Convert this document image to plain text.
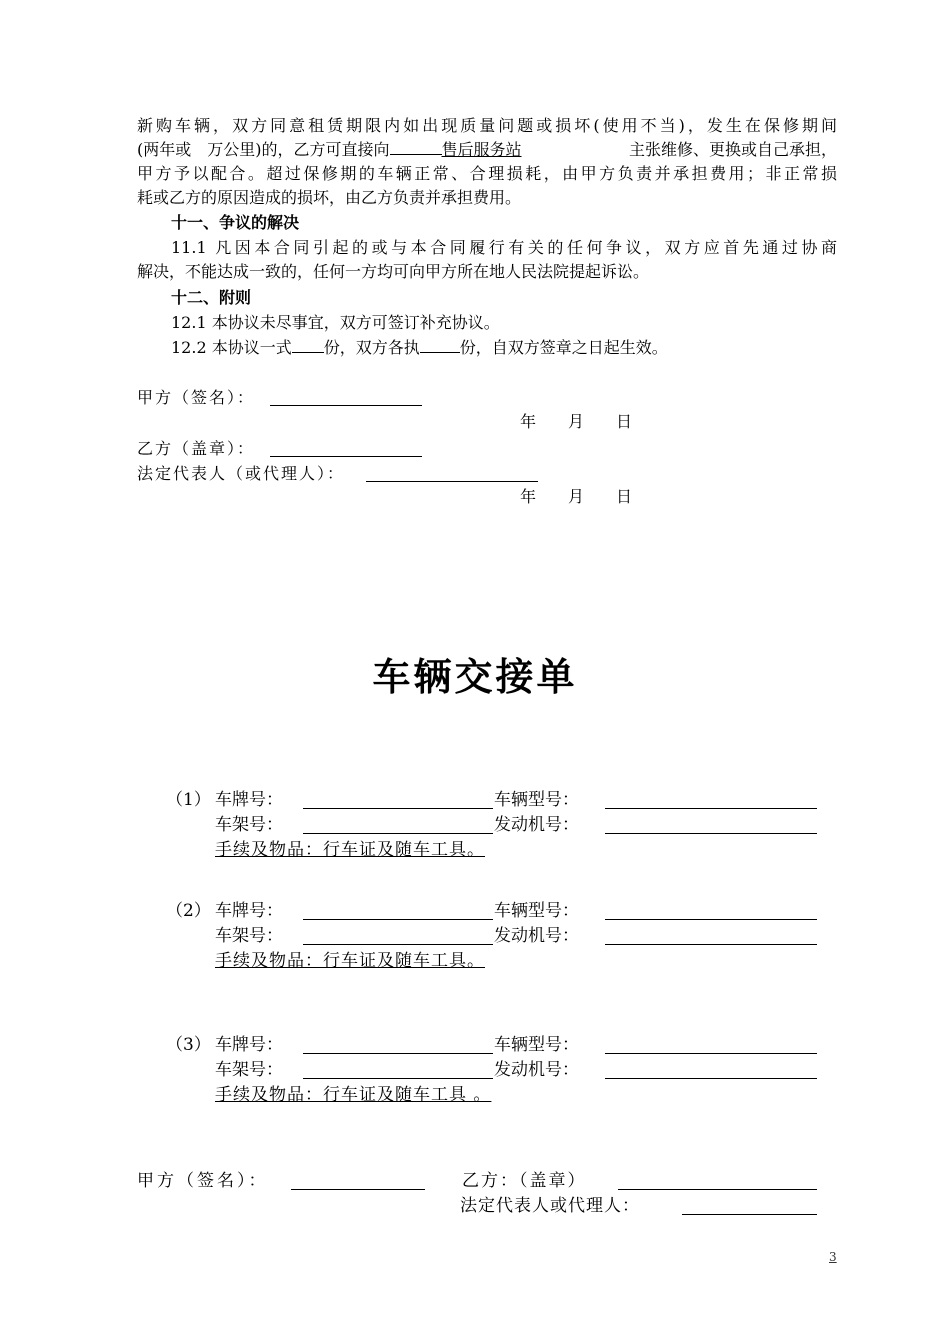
新购车辆，双方同意租赁期限内如出现质量问题或损坏(使用不当)，发生在保修期间

(两年或　万公里)的，乙方可直接向	售后服务站	主张维修、更换或自己承担，

甲方予以配合。超过保修期的车辆正常、合理损耗，由甲方负责并承担费用；非正常损

耗或乙方的原因造成的损坏，由乙方负责并承担费用。

十一、争议的解决

11.1 凡因本合同引起的或与本合同履行有关的任何争议，双方应首先通过协商

解决，不能达成一致的，任何一方均可向甲方所在地人民法院提起诉讼。

十二、附则

12.1 本协议未尽事宜，双方可签订补充协议。

12.2 本协议一式 份，双方各执	份，自双方签章之日起生效。
甲方（签名）：
年　　月　　日
乙方（盖章）：
法定代表人（或代理人）：
年　　月　　日
车辆交接单
（1） 车牌号：	车辆型号：
车架号：	发动机号：
手续及物品：行车证及随车工具。
（2） 车牌号：	车辆型号：
车架号：	发动机号：
手续及物品：行车证及随车工具。
（3） 车牌号：	车辆型号：
车架号：	发动机号：
手续及物品：行车证及随车工具 。
甲方（签名）：	乙方：（盖章）
法定代表人或代理人：
3
